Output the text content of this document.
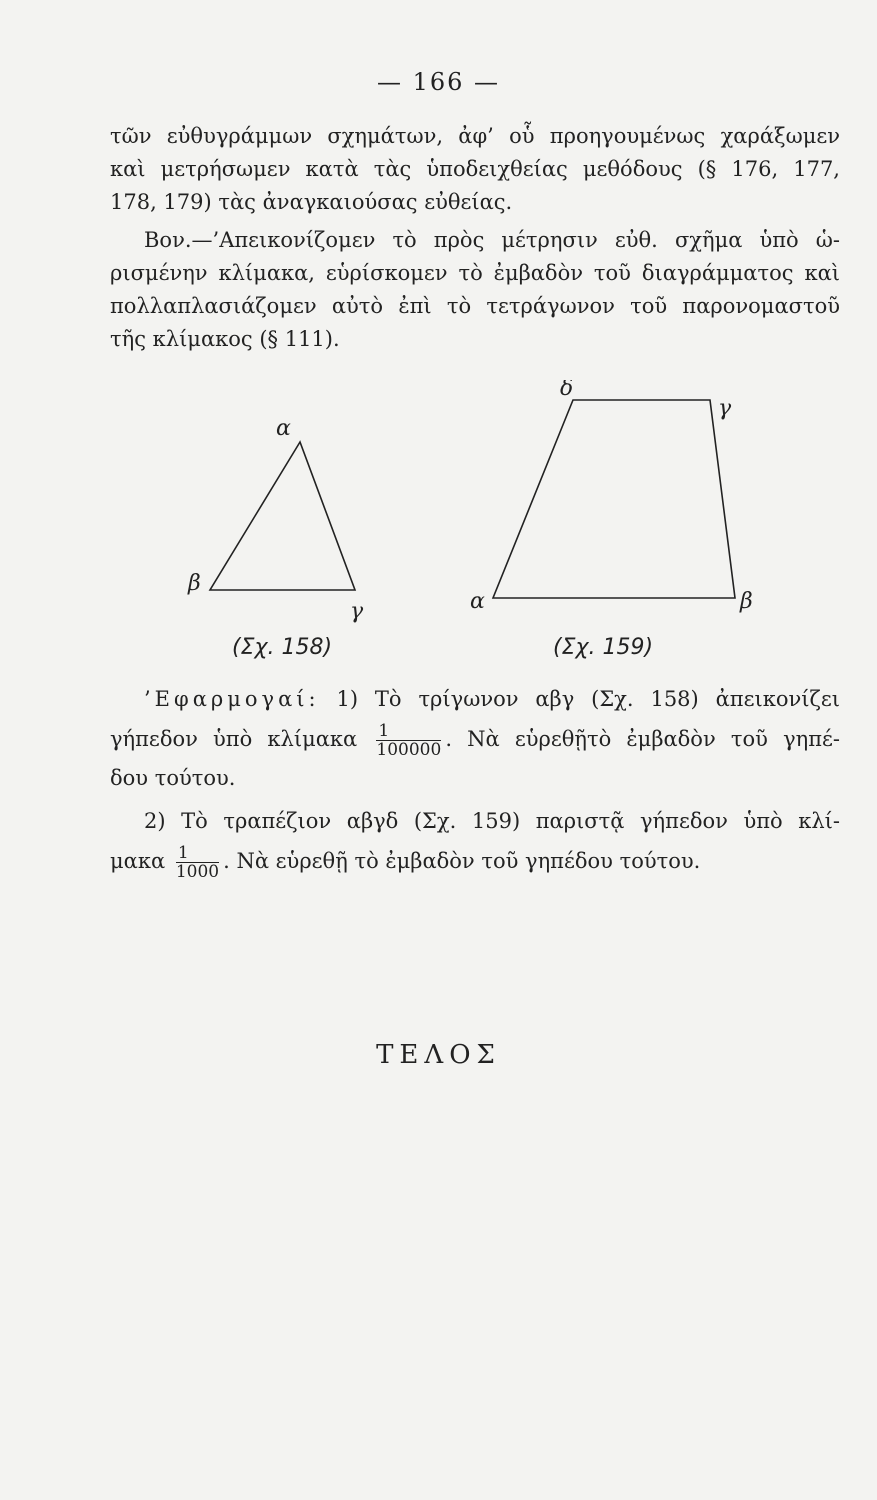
— 166 —
τῶν εὐθυγράμμων σχημάτων, ἀφ’ οὗ προηγουμένως χαράξωμεν
καὶ μετρήσωμεν κατὰ τὰς ὑποδειχθείας μεθόδους (§ 176, 177,
178, 179) τὰς ἀναγκαιούσας εὐθείας.
Βον.—’Απεικονίζομεν τὸ πρὸς μέτρησιν εὐθ. σχῆμα ὑπὸ ὡ-
ρισμένην κλίμακα, εὑρίσκομεν τὸ ἐμβαδὸν τοῦ διαγράμματος καὶ
πολλαπλασιάζομεν αὐτὸ ἐπὶ τὸ τετράγωνον τοῦ παρονομαστοῦ
τῆς κλίμακος (§ 111).
α
β
γ
δ
γ
β
α
(Σχ. 158)	(Σχ. 159)
’Εφαρμογαί: 1) Τὸ τρίγωνον αβγ (Σχ. 158) ἀπεικονίζει
γήπεδον ὑπὸ κλίμακα $\frac{1}{100000}$ . Νὰ εὑρεθῇτὸ ἐμβαδὸν τοῦ γηπέ-
δου τούτου.
2) Τὸ τραπέζιον αβγδ (Σχ. 159) παριστᾷ γήπεδον ὑπὸ κλί-
μακα $\frac{1}{1000}$ . Νὰ εὑρεθῇ τὸ ἐμβαδὸν τοῦ γηπέδου τούτου.
ΤΕΛΟΣ
